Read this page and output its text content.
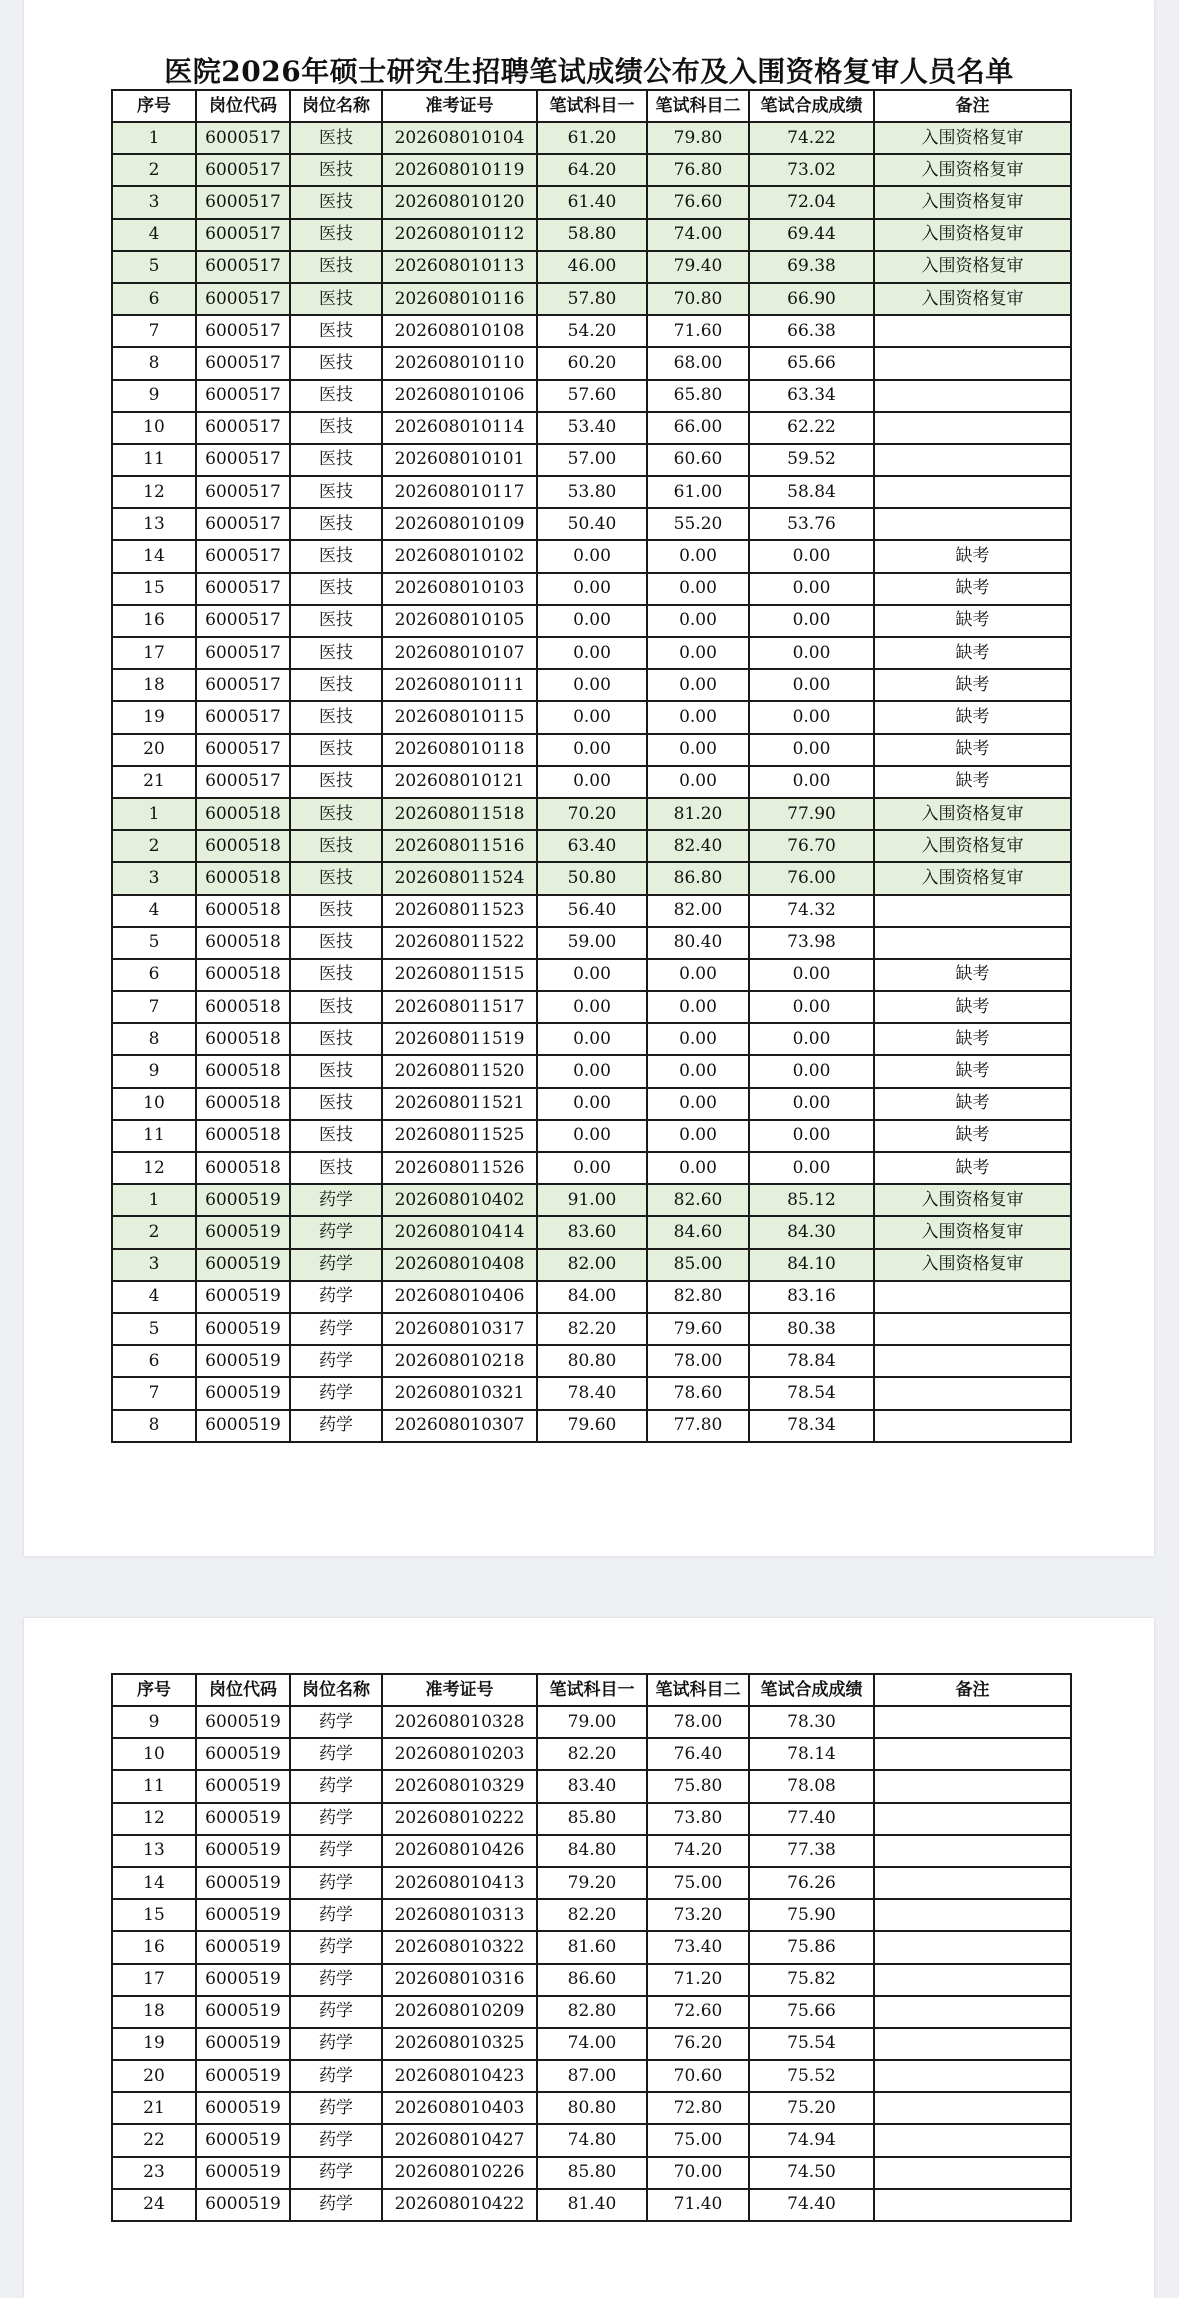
医院2026年硕士研究生招聘笔试成绩公布及入围资格复审人员名单
序号	岗位代码	岗位名称	准考证号	笔试科目一	笔试科目二	笔试合成成绩	备注
1	6000517	医技	202608010104	61.20	79.80	74.22	入围资格复审
2	6000517	医技	202608010119	64.20	76.80	73.02	入围资格复审
3	6000517	医技	202608010120	61.40	76.60	72.04	入围资格复审
4	6000517	医技	202608010112	58.80	74.00	69.44	入围资格复审
5	6000517	医技	202608010113	46.00	79.40	69.38	入围资格复审
6	6000517	医技	202608010116	57.80	70.80	66.90	入围资格复审
7	6000517	医技	202608010108	54.20	71.60	66.38	
8	6000517	医技	202608010110	60.20	68.00	65.66	
9	6000517	医技	202608010106	57.60	65.80	63.34	
10	6000517	医技	202608010114	53.40	66.00	62.22	
11	6000517	医技	202608010101	57.00	60.60	59.52	
12	6000517	医技	202608010117	53.80	61.00	58.84	
13	6000517	医技	202608010109	50.40	55.20	53.76	
14	6000517	医技	202608010102	0.00	0.00	0.00	缺考
15	6000517	医技	202608010103	0.00	0.00	0.00	缺考
16	6000517	医技	202608010105	0.00	0.00	0.00	缺考
17	6000517	医技	202608010107	0.00	0.00	0.00	缺考
18	6000517	医技	202608010111	0.00	0.00	0.00	缺考
19	6000517	医技	202608010115	0.00	0.00	0.00	缺考
20	6000517	医技	202608010118	0.00	0.00	0.00	缺考
21	6000517	医技	202608010121	0.00	0.00	0.00	缺考
1	6000518	医技	202608011518	70.20	81.20	77.90	入围资格复审
2	6000518	医技	202608011516	63.40	82.40	76.70	入围资格复审
3	6000518	医技	202608011524	50.80	86.80	76.00	入围资格复审
4	6000518	医技	202608011523	56.40	82.00	74.32	
5	6000518	医技	202608011522	59.00	80.40	73.98	
6	6000518	医技	202608011515	0.00	0.00	0.00	缺考
7	6000518	医技	202608011517	0.00	0.00	0.00	缺考
8	6000518	医技	202608011519	0.00	0.00	0.00	缺考
9	6000518	医技	202608011520	0.00	0.00	0.00	缺考
10	6000518	医技	202608011521	0.00	0.00	0.00	缺考
11	6000518	医技	202608011525	0.00	0.00	0.00	缺考
12	6000518	医技	202608011526	0.00	0.00	0.00	缺考
1	6000519	药学	202608010402	91.00	82.60	85.12	入围资格复审
2	6000519	药学	202608010414	83.60	84.60	84.30	入围资格复审
3	6000519	药学	202608010408	82.00	85.00	84.10	入围资格复审
4	6000519	药学	202608010406	84.00	82.80	83.16	
5	6000519	药学	202608010317	82.20	79.60	80.38	
6	6000519	药学	202608010218	80.80	78.00	78.84	
7	6000519	药学	202608010321	78.40	78.60	78.54	
8	6000519	药学	202608010307	79.60	77.80	78.34	
序号	岗位代码	岗位名称	准考证号	笔试科目一	笔试科目二	笔试合成成绩	备注
9	6000519	药学	202608010328	79.00	78.00	78.30	
10	6000519	药学	202608010203	82.20	76.40	78.14	
11	6000519	药学	202608010329	83.40	75.80	78.08	
12	6000519	药学	202608010222	85.80	73.80	77.40	
13	6000519	药学	202608010426	84.80	74.20	77.38	
14	6000519	药学	202608010413	79.20	75.00	76.26	
15	6000519	药学	202608010313	82.20	73.20	75.90	
16	6000519	药学	202608010322	81.60	73.40	75.86	
17	6000519	药学	202608010316	86.60	71.20	75.82	
18	6000519	药学	202608010209	82.80	72.60	75.66	
19	6000519	药学	202608010325	74.00	76.20	75.54	
20	6000519	药学	202608010423	87.00	70.60	75.52	
21	6000519	药学	202608010403	80.80	72.80	75.20	
22	6000519	药学	202608010427	74.80	75.00	74.94	
23	6000519	药学	202608010226	85.80	70.00	74.50	
24	6000519	药学	202608010422	81.40	71.40	74.40	
